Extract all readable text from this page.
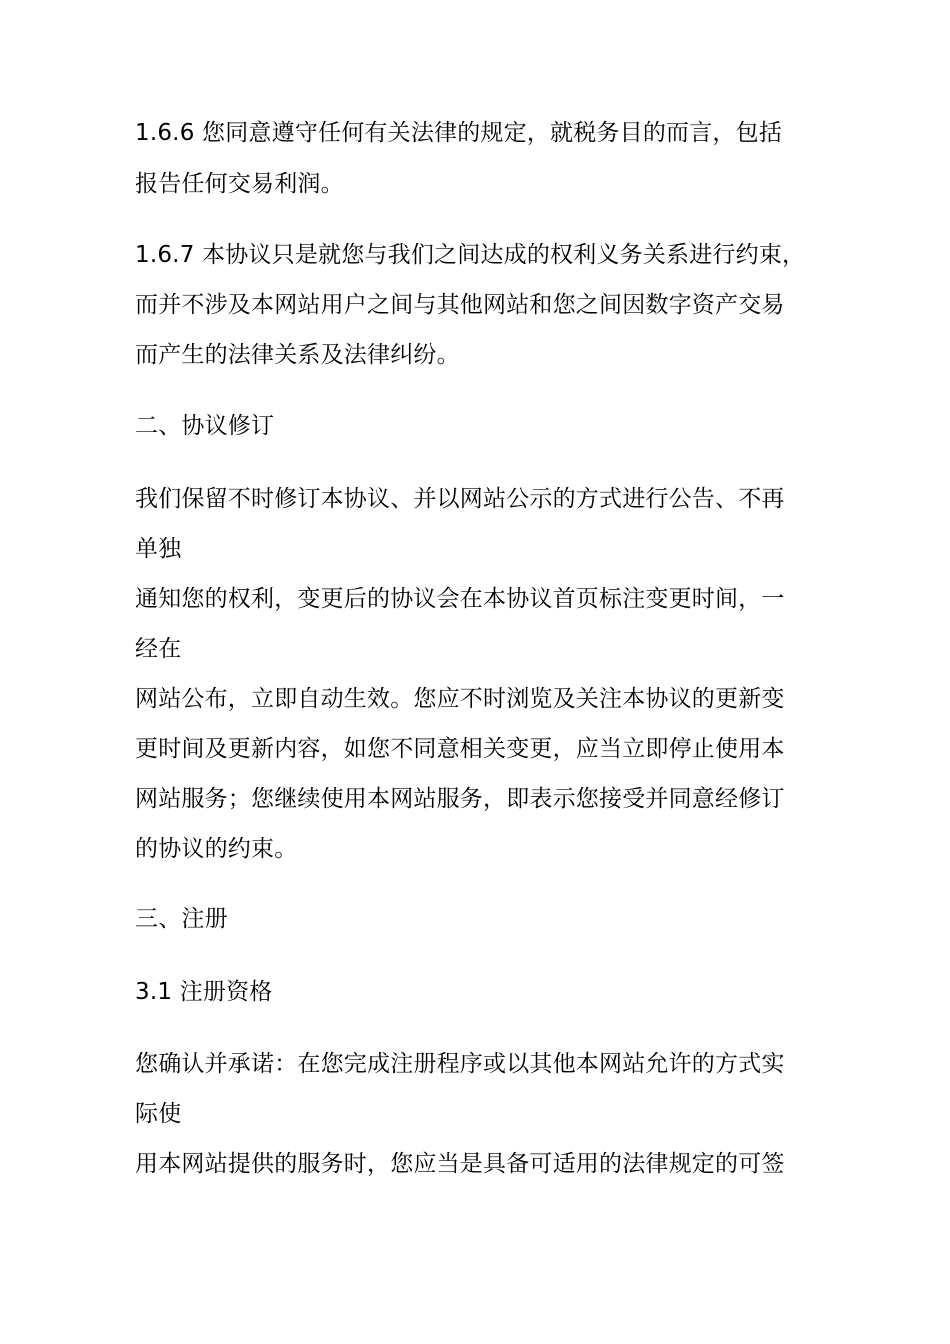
1.6.6 您同意遵守任何有关法律的规定，就税务目的而言，包括
报告任何交易利润。
1.6.7 本协议只是就您与我们之间达成的权利义务关系进行约束，
而并不涉及本网站用户之间与其他网站和您之间因数字资产交易
而产生的法律关系及法律纠纷。
二、协议修订
我们保留不时修订本协议、并以网站公示的方式进行公告、不再
单独
通知您的权利，变更后的协议会在本协议首页标注变更时间，一
经在
网站公布，立即自动生效。您应不时浏览及关注本协议的更新变
更时间及更新内容，如您不同意相关变更，应当立即停止使用本
网站服务；您继续使用本网站服务，即表示您接受并同意经修订
的协议的约束。
三、注册
3.1 注册资格
您确认并承诺：在您完成注册程序或以其他本网站允许的方式实
际使
用本网站提供的服务时，您应当是具备可适用的法律规定的可签
